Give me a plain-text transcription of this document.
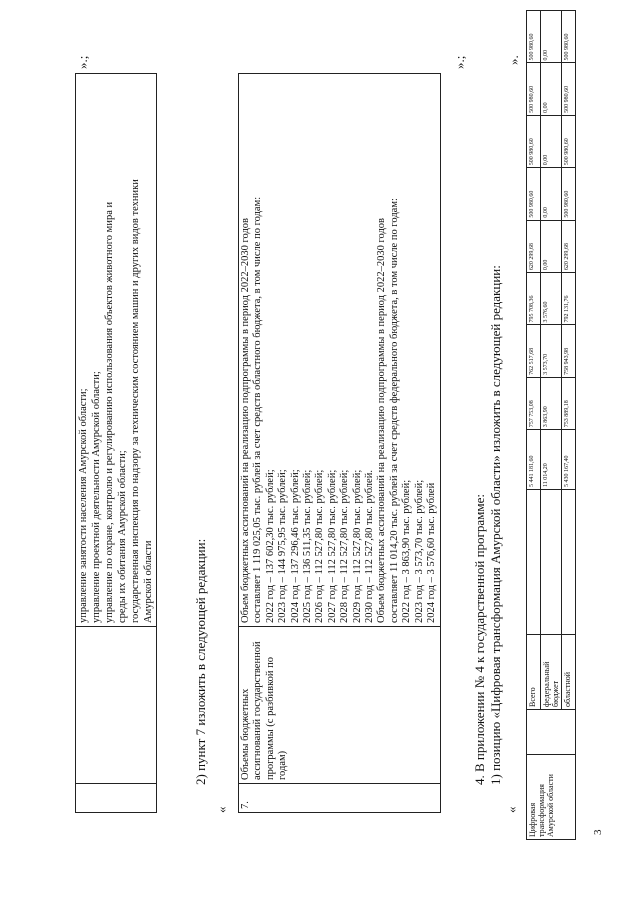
3

управление занятости населения Амурской области; управление проектной деятельности Амурской области; управление по охране, контролю и регулированию использования объектов животного мира и среды их обитания Амурской области; государственная инспекция по надзору за техническим состоянием машин и других видов техники Амурской области
».;
2) пункт 7 изложить в следующей редакции:
«
7.	Объемы бюджетных ассигнований государственной программы (с разбивкой по годам)	
Объем бюджетных ассигнований на реализацию подпрограммы в период 2022–2030 годов составляет 1 119 025,05 тыс. рублей за счет средств областного бюджета, в том числе по годам: 2022 год – 137 602,30 тыс. рублей; 2023 год – 144 975,95 тыс. рублей; 2024 год – 137 296,46 тыс. рублей; 2025 год – 136 511,35 тыс. рублей; 2026 год – 112 527,80 тыс. рублей; 2027 год – 112 527,80 тыс. рублей; 2028 год – 112 527,80 тыс. рублей; 2029 год – 112 527,80 тыс. рублей; 2030 год – 112 527,80 тыс. рублей. Объем бюджетных ассигнований на реализацию подпрограммы в период 2022–2030 годов составляет 11 014,20 тыс. рублей за счет средств федерального бюджета, в том числе по годам: 2022 год – 3 863,90 тыс. рублей; 2023 год – 3 573,70 тыс. рублей; 2024 год – 3 576,60 тыс. рублей
».;
4. В приложении № 4 к государственной программе: 1) позицию «Цифровая трансформация Амурской области» изложить в следующей редакции:
« Цифровая трансформация Амурской области		Всего		5 441 181,60	757 753,08	762 517,68	795 708,36	620 299,68	500 980,60	500 980,60	500 980,60	500 980,60
		федеральный бюджет		11 014,20	3 863,90	3 573,70	3 576,60	0,00	0,00	0,00	0,00	0,00
		областной		5 430 167,40	753 889,18	758 943,98	792 131,76	620 299,68	500 980,60	500 980,60	500 980,60	500 980,60
».
